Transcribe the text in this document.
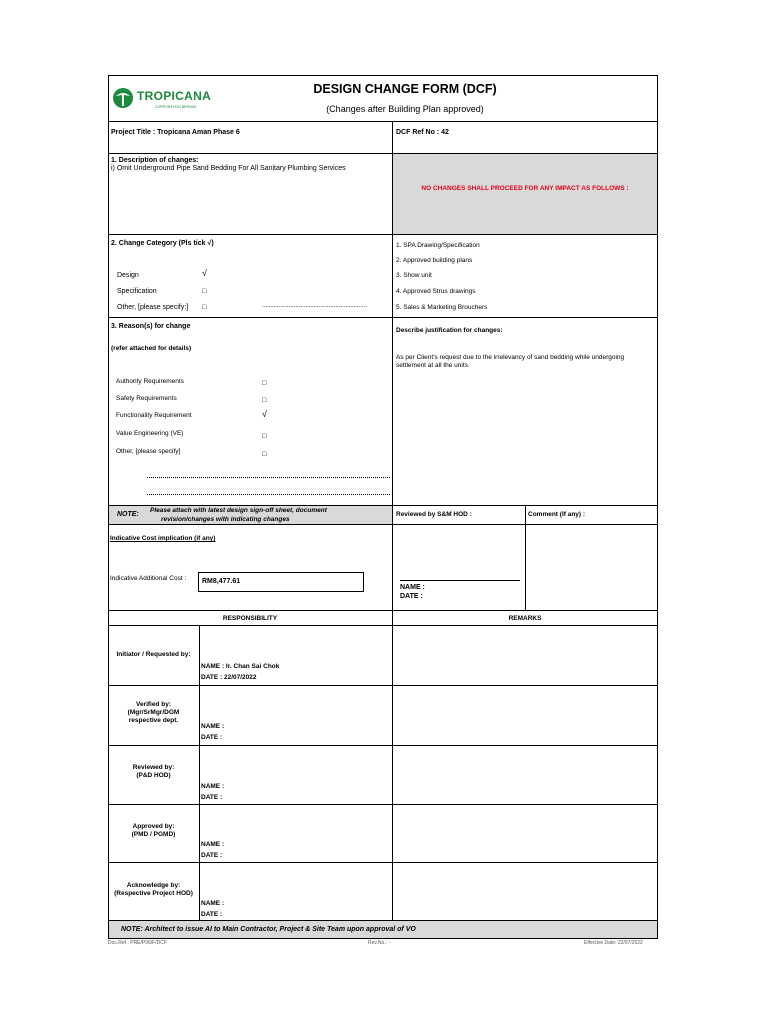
TROPICANA
CORPORATION BERHAD
DESIGN CHANGE FORM (DCF)
(Changes after Building Plan approved)
Project Title : Tropicana Aman Phase 6	DCF Ref No : 42
1. Description of changes:
i) Omit Underground Pipe Sand Bedding For All Sanitary Plumbing Services
NO CHANGES SHALL PROCEED FOR ANY IMPACT AS FOLLOWS :
2. Change Category (Pls tick √)
Design	√
Specification	□
Other, [please specify:] □	...............................................................
1. SPA Drawing/Specification
2. Approved building plans
3. Show unit
4. Approved Strus drawings
5. Sales & Marketing Brouchers
3. Reason(s) for change
(refer attached for details)
Authority Requirements	□
Safety Requirements	□
Functionality Requirement	√
Value Engineering (VE)	□
Other, [please specify]	□
Describe justification for changes:
As per Client's request due to the irrelevancy of sand bedding while undergoing
settlement at all the units.
NOTE:
Please attach with latest design sign-off sheet, document
revision/changes with indicating changes
Reviewed by S&M HOD :	Comment (If any) :
Indicative Cost implication (if any)
Indicative Additional Cost : RM8,477.61
NAME :
DATE :
RESPONSIBILITY	REMARKS
Initiator / Requested by:
NAME : Ir. Chan Sai Chok
DATE : 22/07/2022
Verified by:
(Mgr/SrMgr/DGM
respective dept.
NAME :
DATE :
Reviewed by:
(P&D HOD)
NAME :
DATE :
Approved by:
(PMD / PGMD)
NAME :
DATE :
Acknowledge by:
(Respective Project HOD)
NAME :
DATE :
NOTE: Architect to issue AI to Main Contractor, Project & Site Team upon approval of VO
Doc.Ref.: PRE/P06/F/DCF	Rev.No.: -	Effective Date: 22/07/2022
